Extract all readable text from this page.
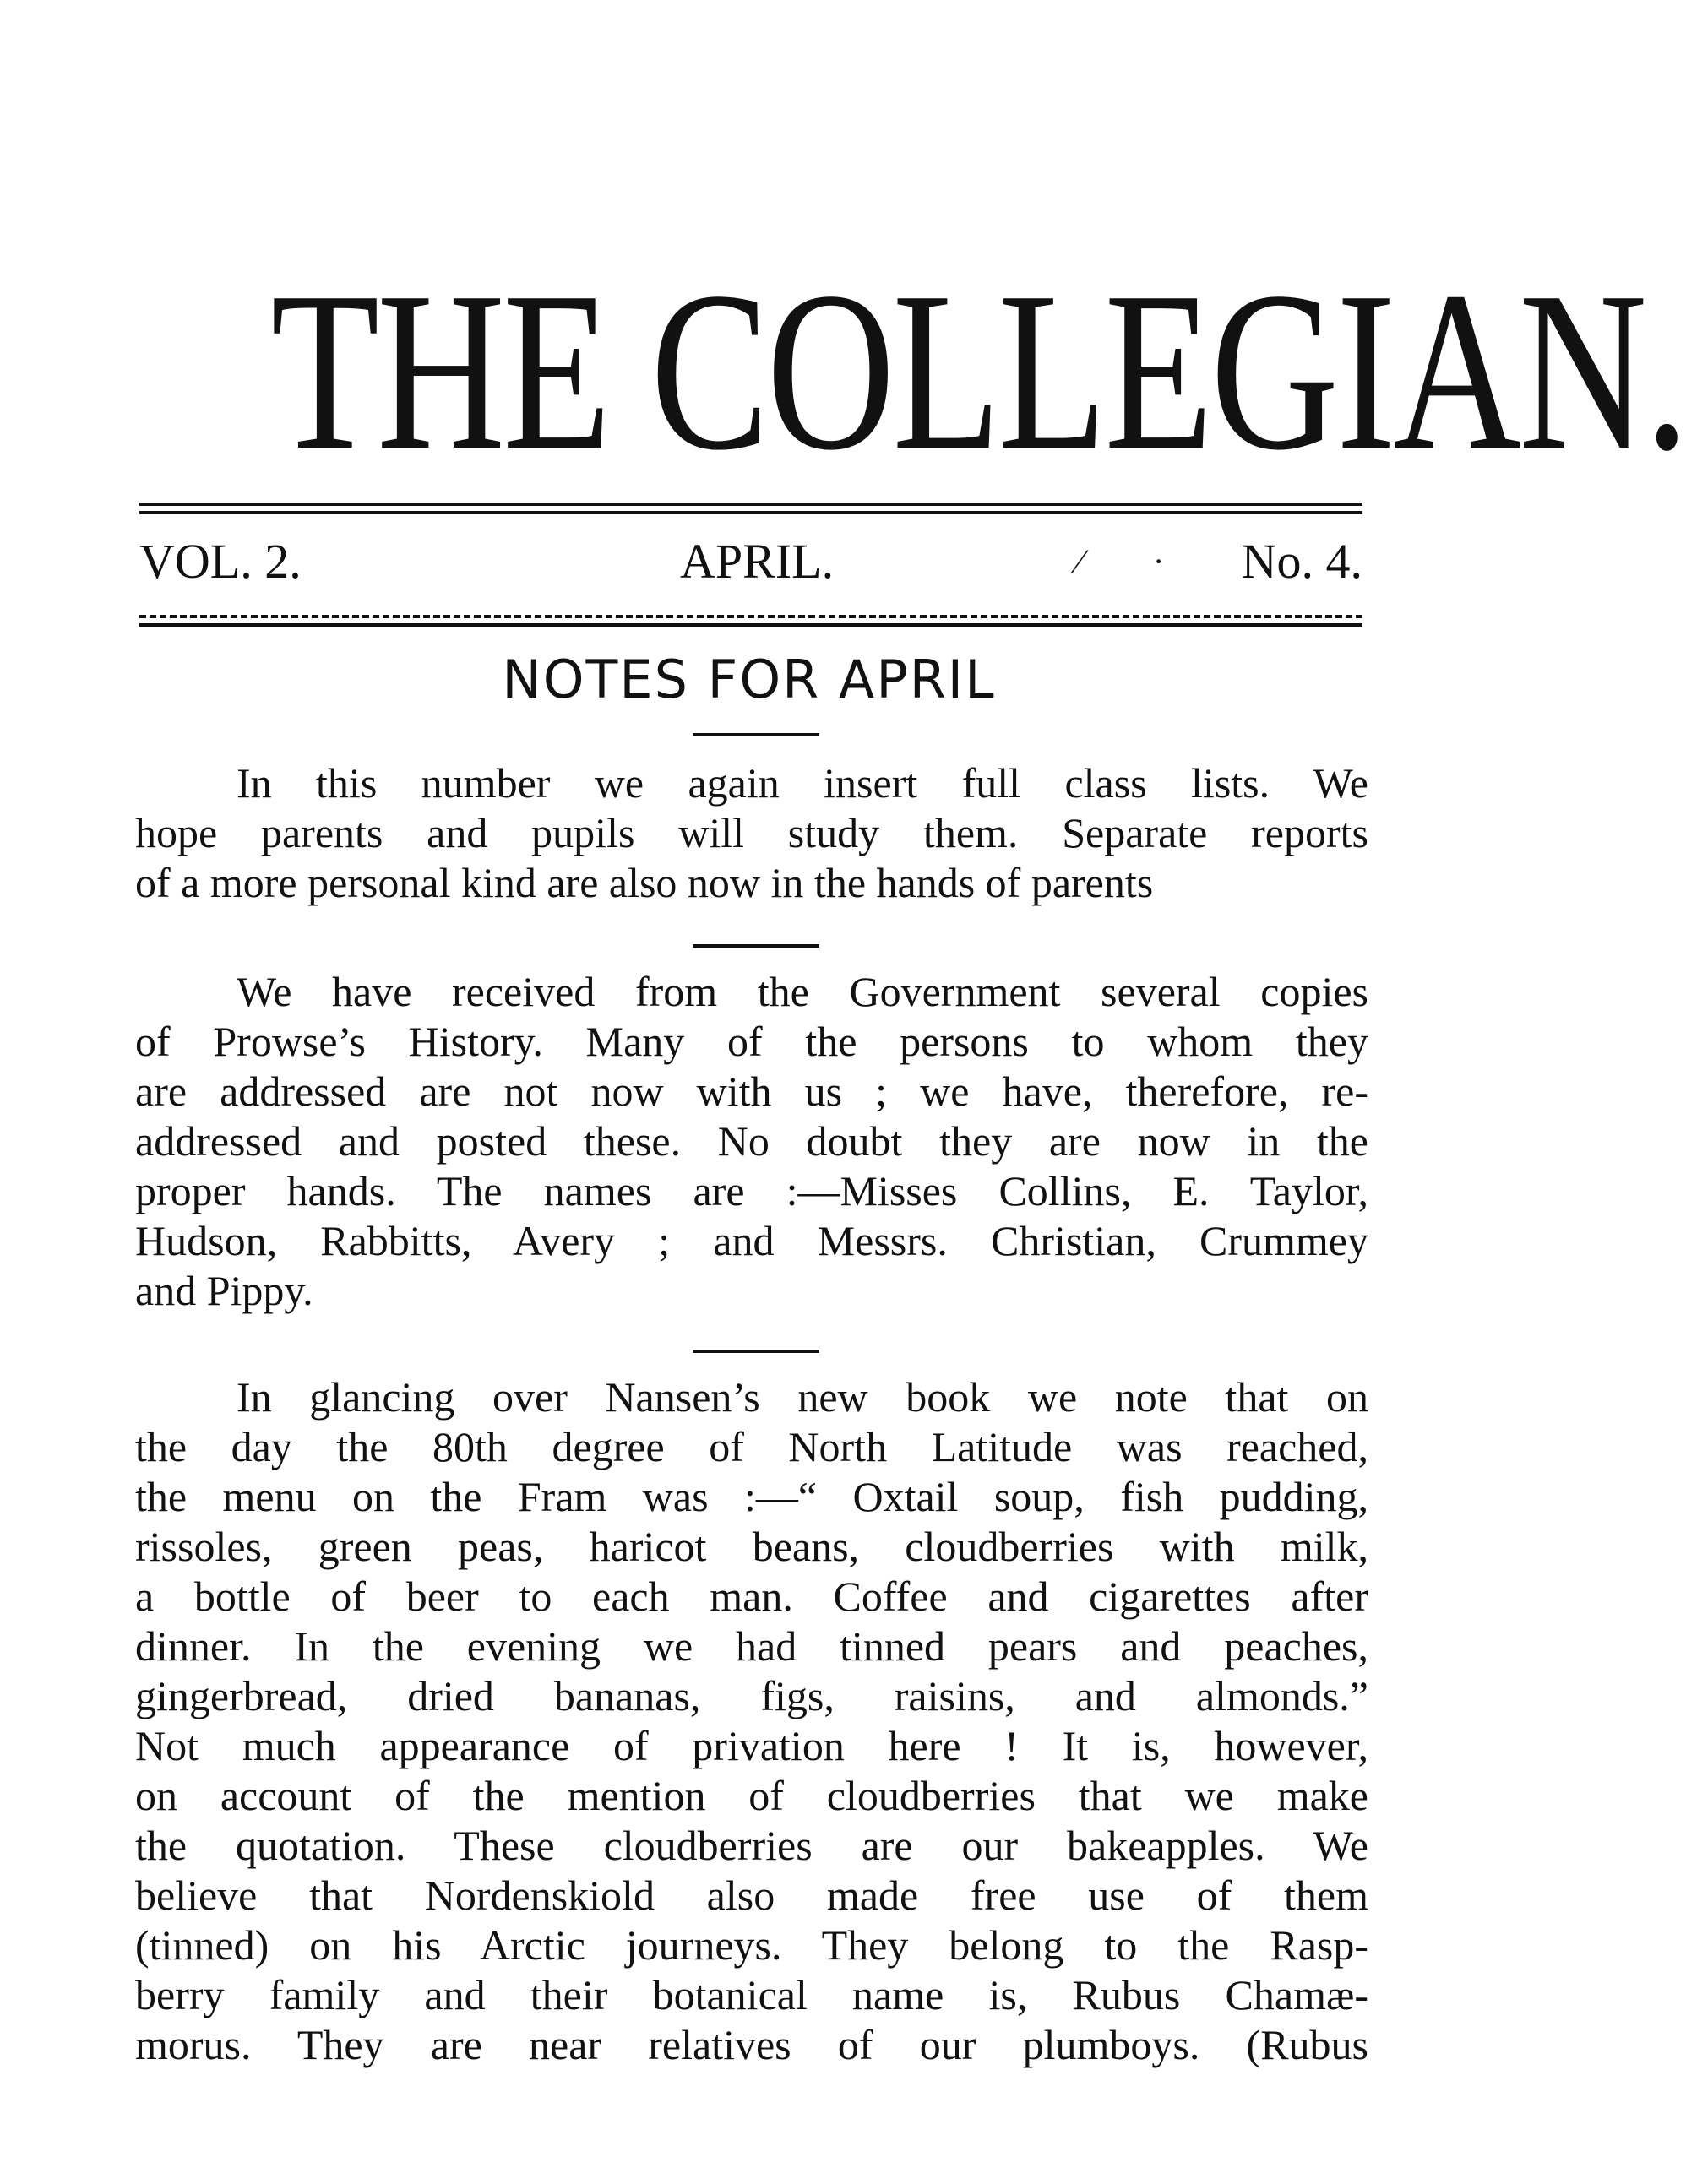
THE COLLEGIAN.
VOL. 2.	APRIL.	⁄ · No. 4.
NOTES FOR APRIL
In this number we again insert full class lists. We
hope parents and pupils will study them. Separate reports
of a more personal kind are also now in the hands of parents
We have received from the Government several copies
of Prowse’s History. Many of the persons to whom they
are addressed are not now with us ; we have, therefore, re-
addressed and posted these. No doubt they are now in the
proper hands. The names are :—Misses Collins, E. Taylor,
Hudson, Rabbitts, Avery ; and Messrs. Christian, Crummey
and Pippy.
In glancing over Nansen’s new book we note that on
the day the 80th degree of North Latitude was reached,
the menu on the Fram was :—“ Oxtail soup, fish pudding,
rissoles, green peas, haricot beans, cloudberries with milk,
a bottle of beer to each man. Coffee and cigarettes after
dinner. In the evening we had tinned pears and peaches,
gingerbread, dried bananas, figs, raisins, and almonds.”
Not much appearance of privation here ! It is, however,
on account of the mention of cloudberries that we make
the quotation. These cloudberries are our bakeapples. We
believe that Nordenskiold also made free use of them
(tinned) on his Arctic journeys. They belong to the Rasp-
berry family and their botanical name is, Rubus Chamæ-
morus. They are near relatives of our plumboys. (Rubus
